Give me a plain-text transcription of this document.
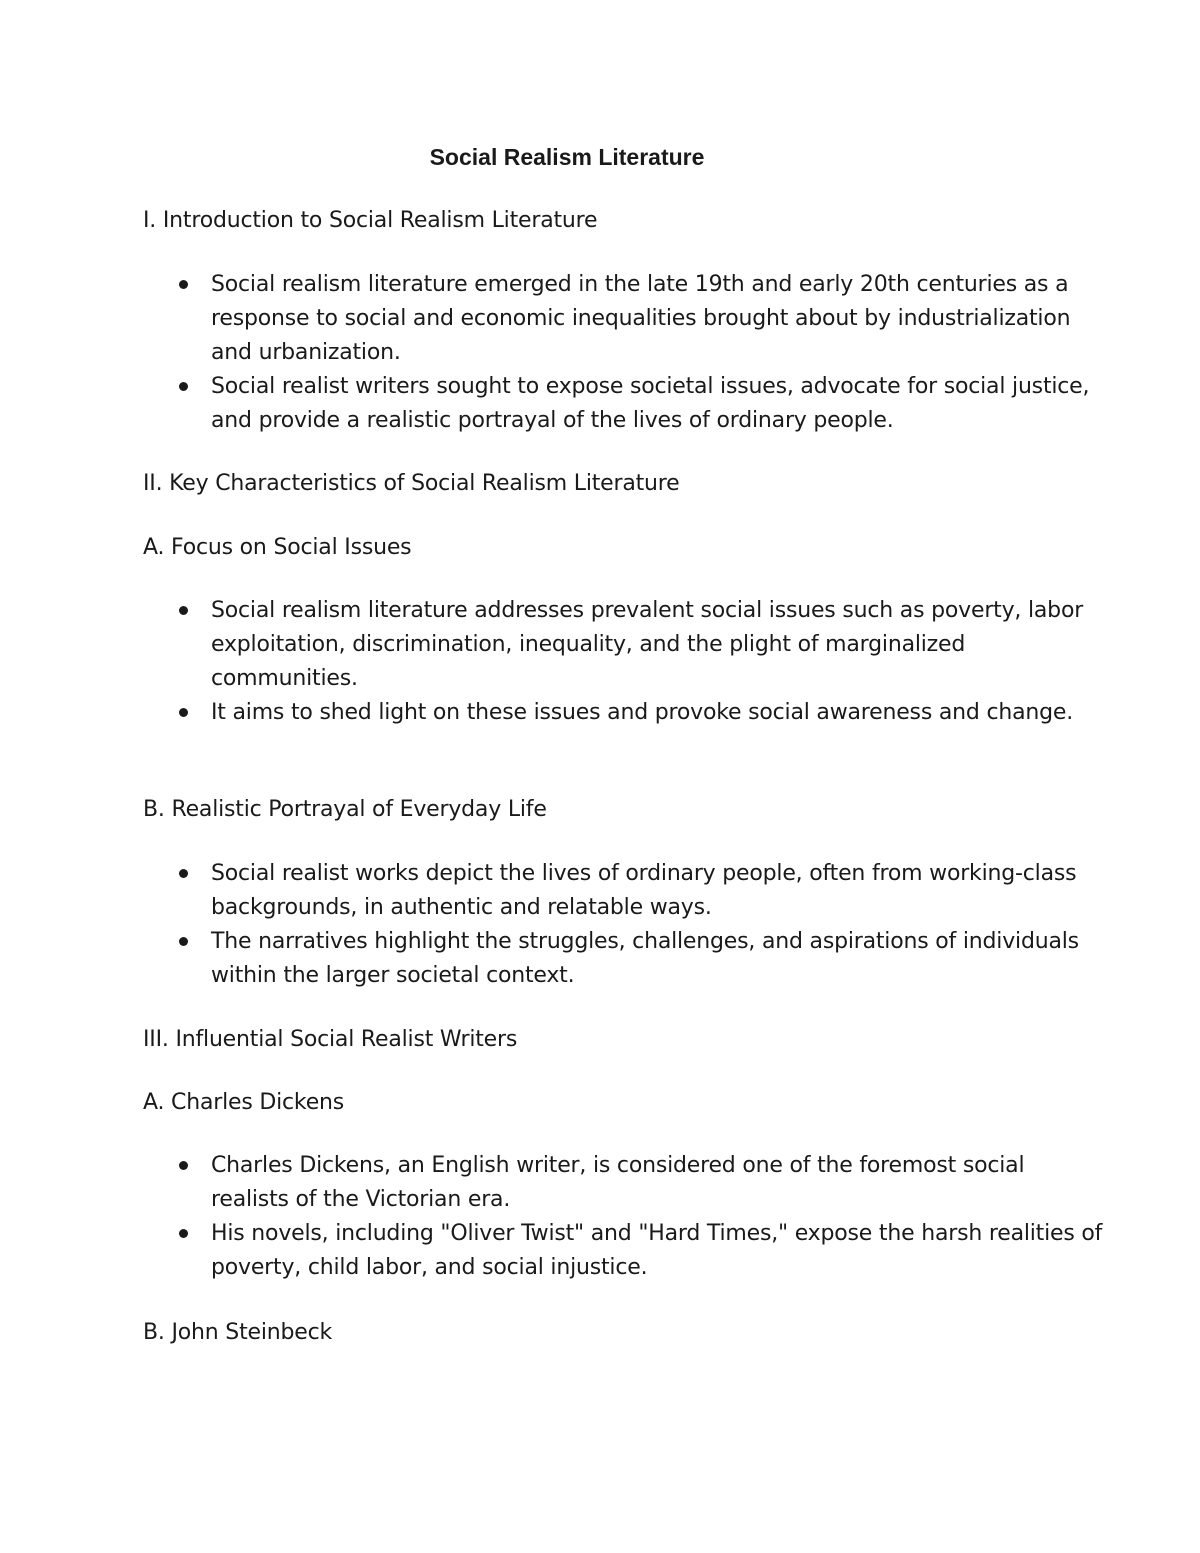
Social Realism Literature
I. Introduction to Social Realism Literature
Social realism literature emerged in the late 19th and early 20th centuries as a response to social and economic inequalities brought about by industrialization and urbanization.
Social realist writers sought to expose societal issues, advocate for social justice, and provide a realistic portrayal of the lives of ordinary people.
II. Key Characteristics of Social Realism Literature
A. Focus on Social Issues
Social realism literature addresses prevalent social issues such as poverty, labor exploitation, discrimination, inequality, and the plight of marginalized communities.
It aims to shed light on these issues and provoke social awareness and change.
B. Realistic Portrayal of Everyday Life
Social realist works depict the lives of ordinary people, often from working-class backgrounds, in authentic and relatable ways.
The narratives highlight the struggles, challenges, and aspirations of individuals within the larger societal context.
III. Influential Social Realist Writers
A. Charles Dickens
Charles Dickens, an English writer, is considered one of the foremost social realists of the Victorian era.
His novels, including "Oliver Twist" and "Hard Times," expose the harsh realities of poverty, child labor, and social injustice.
B. John Steinbeck
